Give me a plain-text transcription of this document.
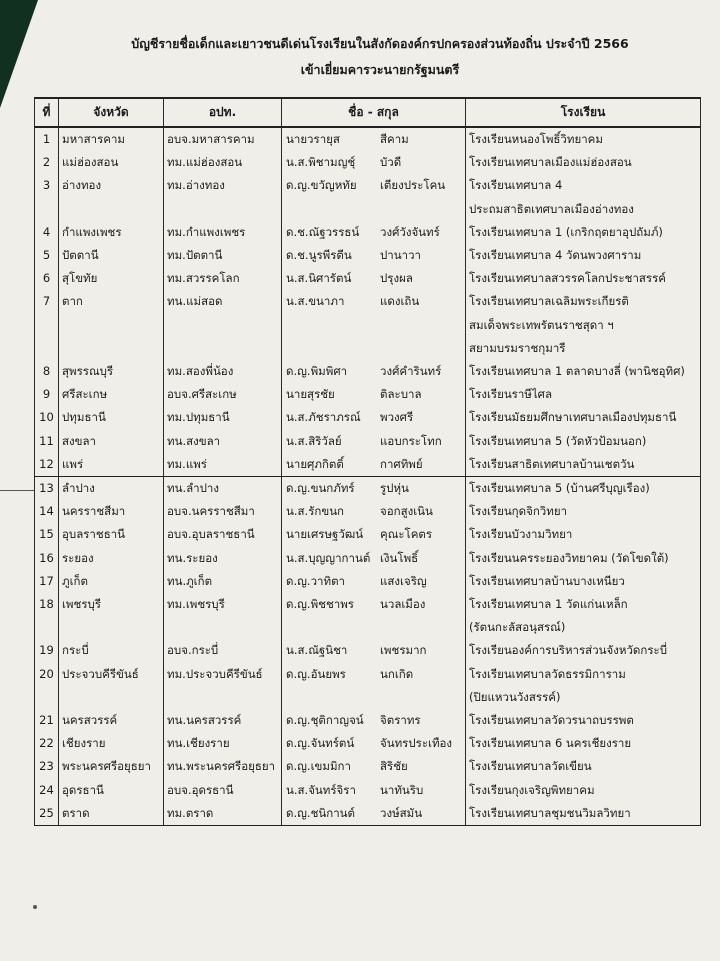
บัญชีรายชื่อเด็กและเยาวชนดีเด่นโรงเรียนในสังกัดองค์กรปกครองส่วนท้องถิ่น ประจำปี 2566
เข้าเยี่ยมคารวะนายกรัฐมนตรี
ที่	จังหวัด	อปท.	ชื่อ - สกุล	โรงเรียน
1	มหาสารคาม	อบจ.มหาสารคาม	นายวรายุส สีคาม	โรงเรียนหนองโพธิ์วิทยาคม

2	แม่ฮ่องสอน	ทม.แม่ฮ่องสอน	น.ส.พิชามญชุ์ บัวดี	โรงเรียนเทศบาลเมืองแม่ฮ่องสอน

3	อ่างทอง	ทม.อ่างทอง	ด.ญ.ขวัญหทัย เตียงประโคน	โรงเรียนเทศบาล 4
ประถมสาธิตเทศบาลเมืองอ่างทอง

4	กำแพงเพชร	ทม.กำแพงเพชร	ด.ช.ณัฐวรรธน์ วงศ์วังจันทร์	โรงเรียนเทศบาล 1 (เกริกฤตยาอุปถัมภ์)

5	ปัตตานี	ทม.ปัตตานี	ด.ช.นูรพีรตีน ปานาวา	โรงเรียนเทศบาล 4 วัดนพวงศาราม

6	สุโขทัย	ทม.สวรรคโลก	น.ส.นิศารัตน์ ปรุงผล	โรงเรียนเทศบาลสวรรคโลกประชาสรรค์

7	ตาก	ทน.แม่สอด	น.ส.ขนาภา แดงเถิน	โรงเรียนเทศบาลเฉลิมพระเกียรติ
สมเด็จพระเทพรัตนราชสุดา ฯ
สยามบรมราชกุมารี

8	สุพรรณบุรี	ทม.สองพี่น้อง	ด.ญ.พิมพิศา วงศ์คำรินทร์	โรงเรียนเทศบาล 1 ตลาดบางลี่ (พานิชอุทิศ)

9	ศรีสะเกษ	อบจ.ศรีสะเกษ	นายสุรชัย ติละบาล	โรงเรียนราษีไศล

10	ปทุมธานี	ทม.ปทุมธานี	น.ส.ภัชราภรณ์ พวงศรี	โรงเรียนมัธยมศึกษาเทศบาลเมืองปทุมธานี

11	สงขลา	ทน.สงขลา	น.ส.สิริวัลย์ แอบกระโทก	โรงเรียนเทศบาล 5 (วัดหัวป้อมนอก)

12	แพร่	ทม.แพร่	นายศุภกิตติ์ กาศทิพย์	โรงเรียนสาธิตเทศบาลบ้านเชตวัน

13	ลำปาง	ทน.ลำปาง	ด.ญ.ขนกภัทร์ รูปหุ่น	โรงเรียนเทศบาล 5 (บ้านศรีบุญเรือง)

14	นครราชสีมา	อบจ.นครราชสีมา	น.ส.รักขนก จอกสูงเนิน	โรงเรียนกุดจิกวิทยา

15	อุบลราชธานี	อบจ.อุบลราชธานี	นายเศรษฐวัฒน์ คุณะโคตร	โรงเรียนบัวงามวิทยา

16	ระยอง	ทน.ระยอง	น.ส.บุญญากานต์ เงินโพธิ์	โรงเรียนนครระยองวิทยาคม (วัดโขดใต้)

17	ภูเก็ต	ทน.ภูเก็ต	ด.ญ.วาทิตา แสงเจริญ	โรงเรียนเทศบาลบ้านบางเหนียว

18	เพชรบุรี	ทม.เพชรบุรี	ด.ญ.พิชชาพร นวลเมือง	โรงเรียนเทศบาล 1 วัดแก่นเหล็ก
(รัตนกะลัสอนุสรณ์)

19	กระบี่	อบจ.กระบี่	น.ส.ณัฐนิชา เพชรมาก	โรงเรียนองค์การบริหารส่วนจังหวัดกระบี่

20	ประจวบคีรีขันธ์	ทม.ประจวบคีรีขันธ์	ด.ญ.อันยพร นกเกิด	โรงเรียนเทศบาลวัดธรรมิการาม
(ปิยแหวนวังสรรค์)

21	นครสวรรค์	ทน.นครสวรรค์	ด.ญ.ชุติกาญจน์ จิตราทร	โรงเรียนเทศบาลวัดวรนาถบรรพต

22	เชียงราย	ทน.เชียงราย	ด.ญ.จันทร์ตน์ จันทรประเทือง	โรงเรียนเทศบาล 6 นครเชียงราย

23	พระนครศรีอยุธยา	ทน.พระนครศรีอยุธยา	ด.ญ.เขมมิกา สิริชัย	โรงเรียนเทศบาลวัดเขียน

24	อุดรธานี	อบจ.อุดรธานี	น.ส.จันทร์จิรา นาทันริบ	โรงเรียนกุงเจริญพิทยาคม

25	ตราด	ทม.ตราด	ด.ญ.ชนิกานต์ วงษ์สมัน	โรงเรียนเทศบาลชุมชนวิมลวิทยา
